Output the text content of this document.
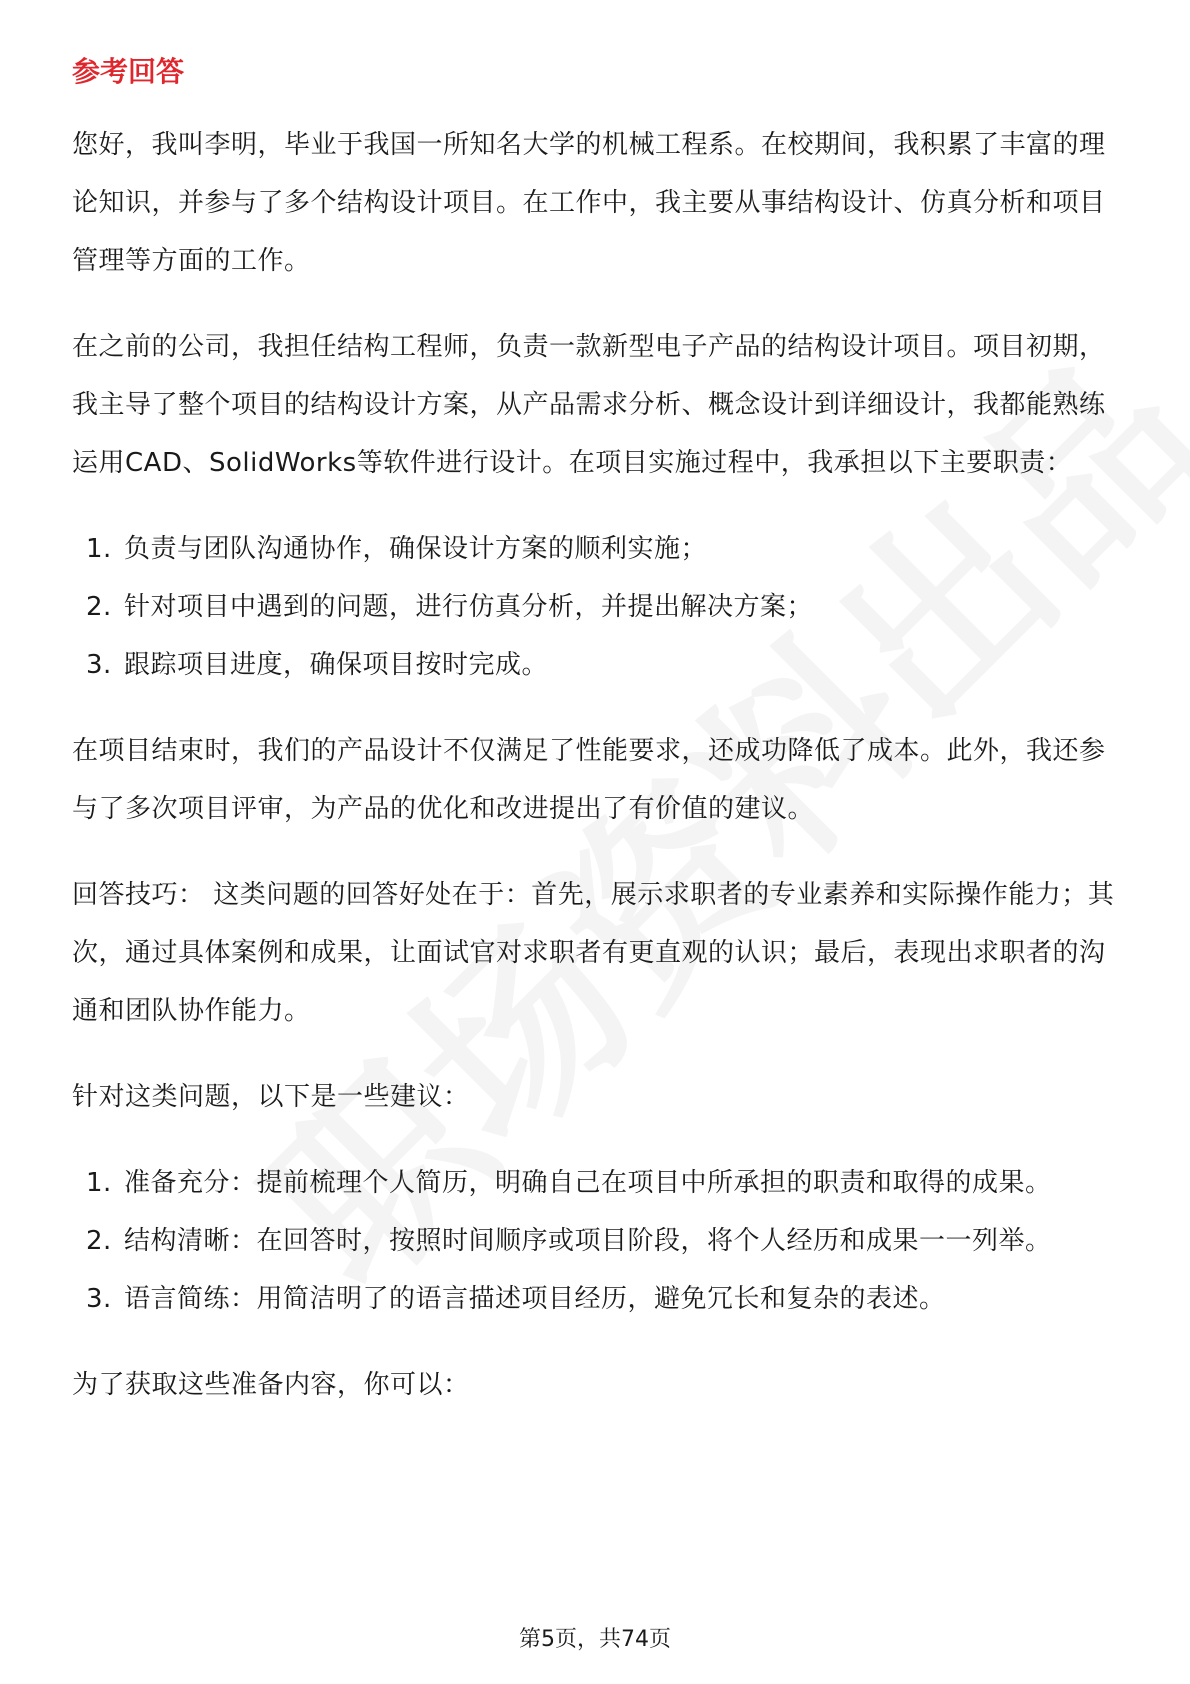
参考回答

您好，我叫李明，毕业于我国一所知名大学的机械工程系。在校期间，我积累了丰富的理论知识，并参与了多个结构设计项目。在工作中，我主要从事结构设计、仿真分析和项目管理等方面的工作。

在之前的公司，我担任结构工程师，负责一款新型电子产品的结构设计项目。项目初期，我主导了整个项目的结构设计方案，从产品需求分析、概念设计到详细设计，我都能熟练运用CAD、SolidWorks等软件进行设计。在项目实施过程中，我承担以下主要职责：

1. 负责与团队沟通协作，确保设计方案的顺利实施；
2. 针对项目中遇到的问题，进行仿真分析，并提出解决方案；
3. 跟踪项目进度，确保项目按时完成。

在项目结束时，我们的产品设计不仅满足了性能要求，还成功降低了成本。此外，我还参与了多次项目评审，为产品的优化和改进提出了有价值的建议。

回答技巧： 这类问题的回答好处在于：首先，展示求职者的专业素养和实际操作能力；其次，通过具体案例和成果，让面试官对求职者有更直观的认识；最后，表现出求职者的沟通和团队协作能力。

针对这类问题，以下是一些建议：

1. 准备充分：提前梳理个人简历，明确自己在项目中所承担的职责和取得的成果。
2. 结构清晰：在回答时，按照时间顺序或项目阶段，将个人经历和成果一一列举。
3. 语言简练：用简洁明了的语言描述项目经历，避免冗长和复杂的表述。

为了获取这些准备内容，你可以：

第5页，共74页
